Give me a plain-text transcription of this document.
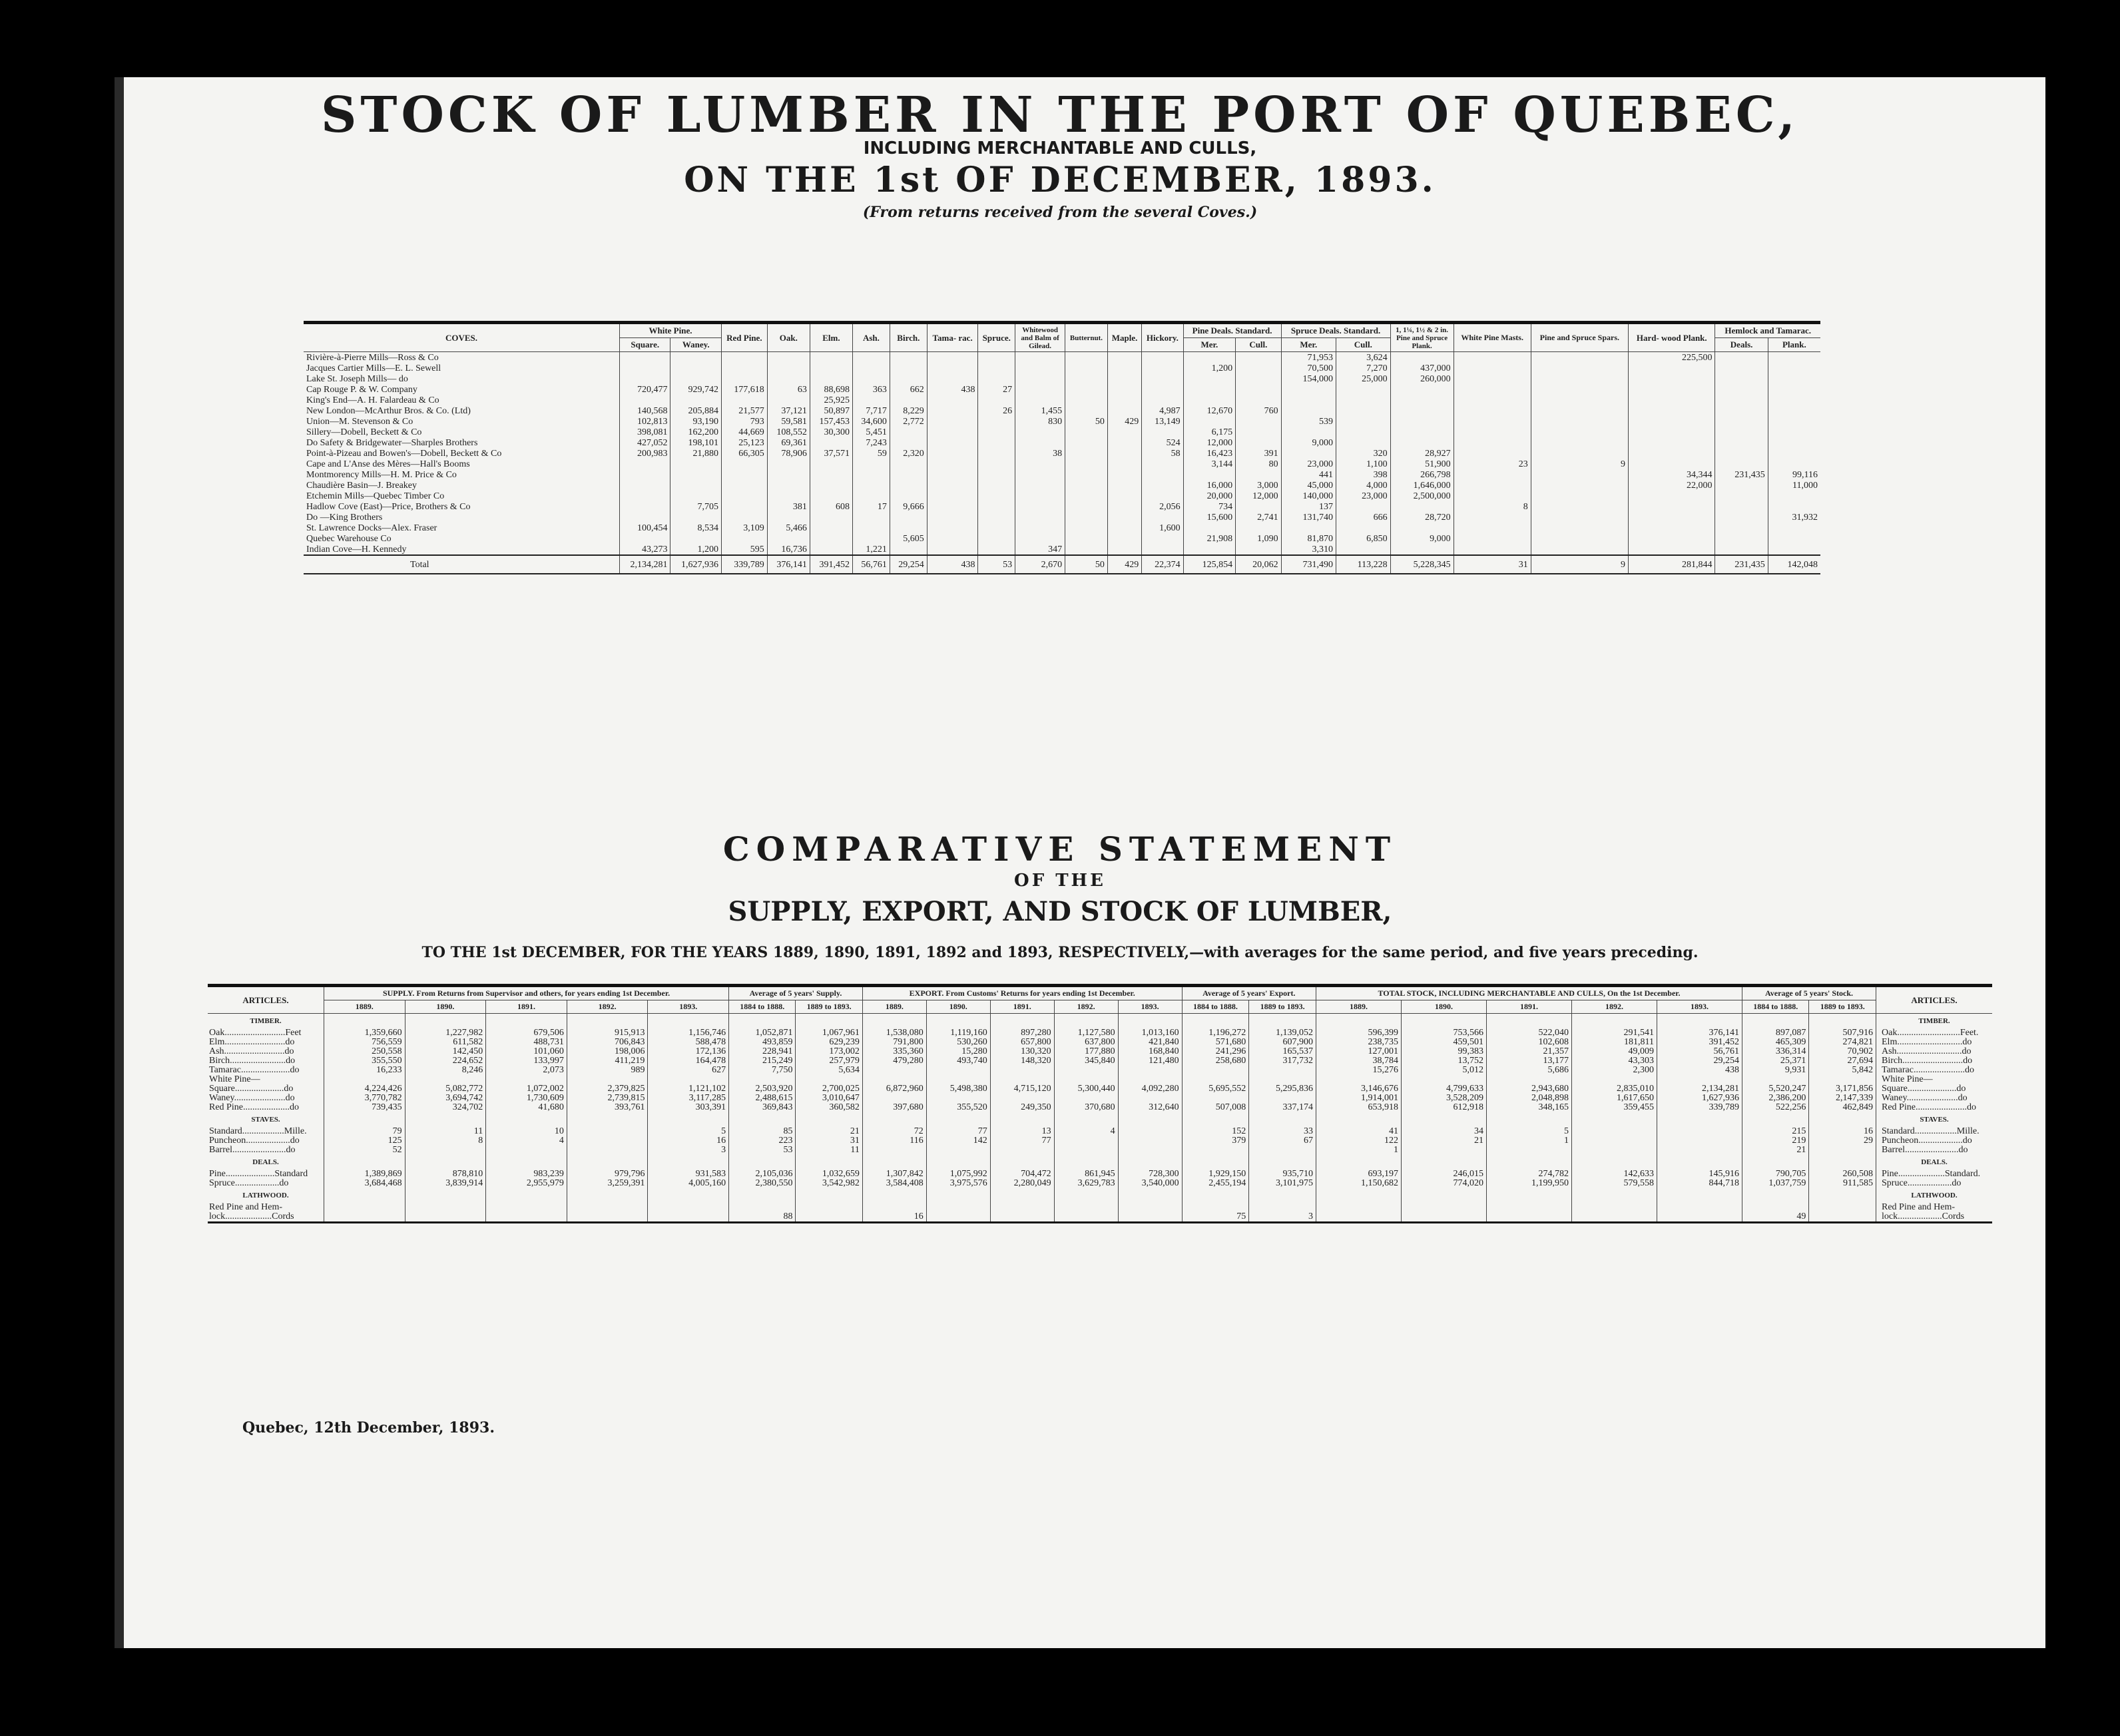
STOCK OF LUMBER IN THE PORT OF QUEBEC,
INCLUDING MERCHANTABLE AND CULLS,
ON THE 1st OF DECEMBER, 1893.
(From returns received from the several Coves.)
COVES.	White Pine.		Red Pine.	Oak.	Elm.	Ash.	Birch.	Tama- rac.	Spruce.	Whitewood and Balm of Gilead.	Butternut.	Maple.	Hickory.	Pine Deals. Standard.		Spruce Deals. Standard.		1, 1¼, 1½ & 2 in. Pine and Spruce Plank.	White Pine Masts.	Pine and Spruce Spars.	Hard- wood Plank.	Hemlock and Tamarac.	
	Square.	Waney.												Mer.	Cull.	Mer.	Cull.					Deals.	Plank.
Rivière-à-Pierre Mills—Ross & Co																71,953	3,624				225,500		
Jacques Cartier Mills—E. L. Sewell														1,200		70,500	7,270	437,000					
Lake St. Joseph Mills— do																154,000	25,000	260,000					
Cap Rouge P. & W. Company	720,477	929,742	177,618	63	88,698	363	662	438	27														
King's End—A. H. Falardeau & Co					25,925																		
New London—McArthur Bros. & Co. (Ltd)	140,568	205,884	21,577	37,121	50,897	7,717	8,229		26	1,455			4,987	12,670	760								
Union—M. Stevenson & Co	102,813	93,190	793	59,581	157,453	34,600	2,772			830	50	429	13,149			539							
Sillery—Dobell, Beckett & Co	398,081	162,200	44,669	108,552	30,300	5,451								6,175									
Do Safety & Bridgewater—Sharples Brothers	427,052	198,101	25,123	69,361		7,243							524	12,000		9,000							
Point-à-Pizeau and Bowen's—Dobell, Beckett & Co	200,983	21,880	66,305	78,906	37,571	59	2,320			38			58	16,423	391		320	28,927					
Cape and L'Anse des Mères—Hall's Booms														3,144	80	23,000	1,100	51,900	23	9			
Montmorency Mills—H. M. Price & Co																441	398	266,798			34,344	231,435	99,116
Chaudière Basin—J. Breakey														16,000	3,000	45,000	4,000	1,646,000			22,000		11,000
Etchemin Mills—Quebec Timber Co														20,000	12,000	140,000	23,000	2,500,000					
Hadlow Cove (East)—Price, Brothers & Co		7,705		381	608	17	9,666						2,056	734		137			8				
Do —King Brothers														15,600	2,741	131,740	666	28,720					31,932
St. Lawrence Docks—Alex. Fraser	100,454	8,534	3,109	5,466									1,600										
Quebec Warehouse Co							5,605							21,908	1,090	81,870	6,850	9,000					
Indian Cove—H. Kennedy	43,273	1,200	595	16,736		1,221				347						3,310							
Total	2,134,281	1,627,936	339,789	376,141	391,452	56,761	29,254	438	53	2,670	50	429	22,374	125,854	20,062	731,490	113,228	5,228,345	31	9	281,844	231,435	142,048
COMPARATIVE STATEMENT
OF THE
SUPPLY, EXPORT, AND STOCK OF LUMBER,
TO THE 1st DECEMBER, FOR THE YEARS 1889, 1890, 1891, 1892 and 1893, RESPECTIVELY,—with averages for the same period, and five years preceding.
ARTICLES.	SUPPLY. From Returns from Supervisor and others, for years ending 1st December.					Average of 5 years' Supply.		EXPORT. From Customs' Returns for years ending 1st December.					Average of 5 years' Export.		TOTAL STOCK, INCLUDING MERCHANTABLE AND CULLS, On the 1st December.					Average of 5 years' Stock.		ARTICLES.
	1889.	1890.	1891.	1892.	1893.	1884 to 1888.	1889 to 1893.	1889.	1890.	1891.	1892.	1893.	1884 to 1888.	1889 to 1893.	1889.	1890.	1891.	1892.	1893.	1884 to 1888.	1889 to 1893.	
TIMBER.																						TIMBER.
Oak..........................Feet	1,359,660	1,227,982	679,506	915,913	1,156,746	1,052,871	1,067,961	1,538,080	1,119,160	897,280	1,127,580	1,013,160	1,196,272	1,139,052	596,399	753,566	522,040	291,541	376,141	897,087	507,916	Oak...........................Feet.
Elm..........................do	756,559	611,582	488,731	706,843	588,478	493,859	629,239	791,800	530,260	657,800	637,800	421,840	571,680	607,900	238,735	459,501	102,608	181,811	391,452	465,309	274,821	Elm............................do
Ash..........................do	250,558	142,450	101,060	198,006	172,136	228,941	173,002	335,360	15,280	130,320	177,880	168,840	241,296	165,537	127,001	99,383	21,357	49,009	56,761	336,314	70,902	Ash............................do
Birch........................do	355,550	224,652	133,997	411,219	164,478	215,249	257,979	479,280	493,740	148,320	345,840	121,480	258,680	317,732	38,784	13,752	13,177	43,303	29,254	25,371	27,694	Birch..........................do
Tamarac.....................do	16,233	8,246	2,073	989	627	7,750	5,634								15,276	5,012	5,686	2,300	438	9,931	5,842	Tamarac......................do
White Pine—																						White Pine—
Square.....................do	4,224,426	5,082,772	1,072,002	2,379,825	1,121,102	2,503,920	2,700,025	6,872,960	5,498,380	4,715,120	5,300,440	4,092,280	5,695,552	5,295,836	3,146,676	4,799,633	2,943,680	2,835,010	2,134,281	5,520,247	3,171,856	Square.....................do
Waney......................do	3,770,782	3,694,742	1,730,609	2,739,815	3,117,285	2,488,615	3,010,647								1,914,001	3,528,209	2,048,898	1,617,650	1,627,936	2,386,200	2,147,339	Waney......................do
Red Pine....................do	739,435	324,702	41,680	393,761	303,391	369,843	360,582	397,680	355,520	249,350	370,680	312,640	507,008	337,174	653,918	612,918	348,165	359,455	339,789	522,256	462,849	Red Pine......................do
STAVES.																						STAVES.
Standard..................Mille.	79	11	10		5	85	21	72	77	13	4		152	33	41	34	5			215	16	Standard..................Mille.
Puncheon...................do	125	8	4		16	223	31	116	142	77			379	67	122	21	1			219	29	Puncheon...................do
Barrel.......................do	52				3	53	11								1					21		Barrel.......................do
DEALS.																						DEALS.
Pine.....................Standard	1,389,869	878,810	983,239	979,796	931,583	2,105,036	1,032,659	1,307,842	1,075,992	704,472	861,945	728,300	1,929,150	935,710	693,197	246,015	274,782	142,633	145,916	790,705	260,508	Pine....................Standard.
Spruce...................do	3,684,468	3,839,914	2,955,979	3,259,391	4,005,160	2,380,550	3,542,982	3,584,408	3,975,576	2,280,049	3,629,783	3,540,000	2,455,194	3,101,975	1,150,682	774,020	1,199,950	579,558	844,718	1,037,759	911,585	Spruce...................do
LATHWOOD.																						LATHWOOD.
Red Pine and Hem-																						Red Pine and Hem-
lock....................Cords						88		16					75	3						49		lock...................Cords
Quebec, 12th December, 1893.
